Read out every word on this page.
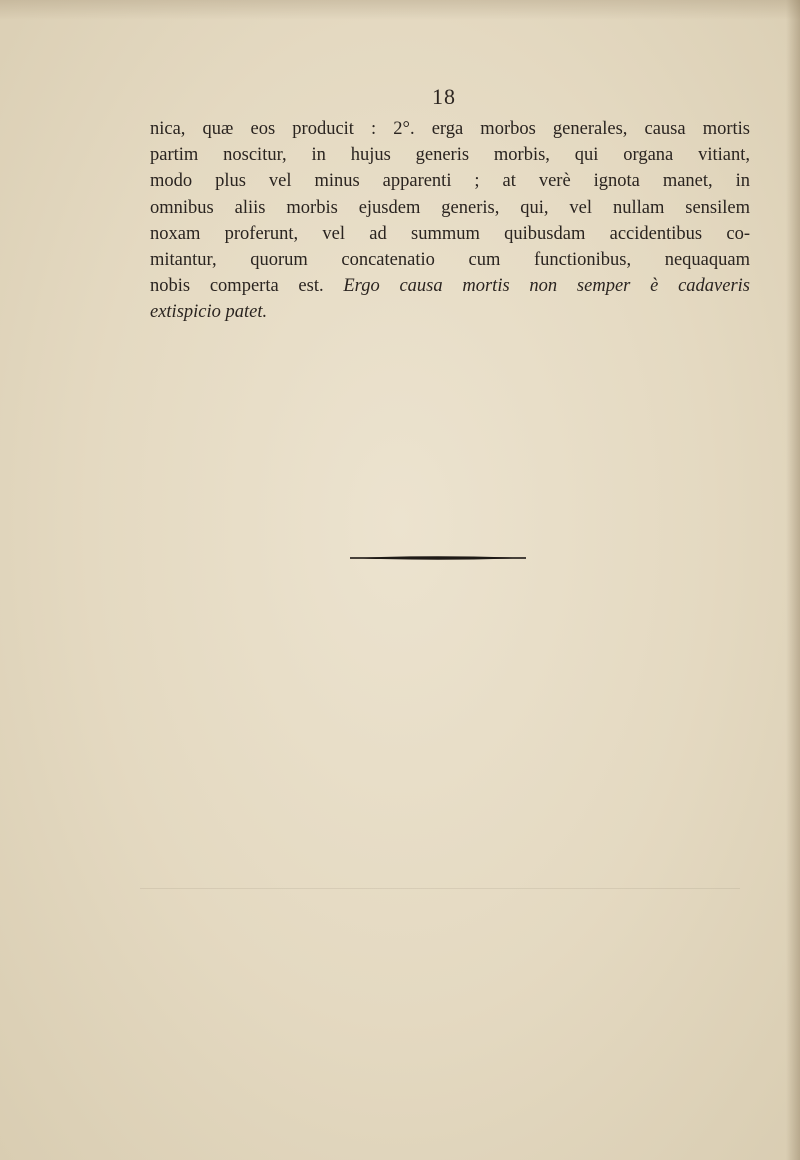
18
nica, quæ eos producit : 2°. erga morbos generales, causa mortis
partim noscitur, in hujus generis morbis, qui organa vitiant,
modo plus vel minus apparenti ; at verè ignota manet, in
omnibus aliis morbis ejusdem generis, qui, vel nullam sensilem
noxam proferunt, vel ad summum quibusdam accidentibus co-
mitantur, quorum concatenatio cum functionibus, nequaquam
nobis comperta est. Ergo causa mortis non semper è cadaveris
extispicio patet.
